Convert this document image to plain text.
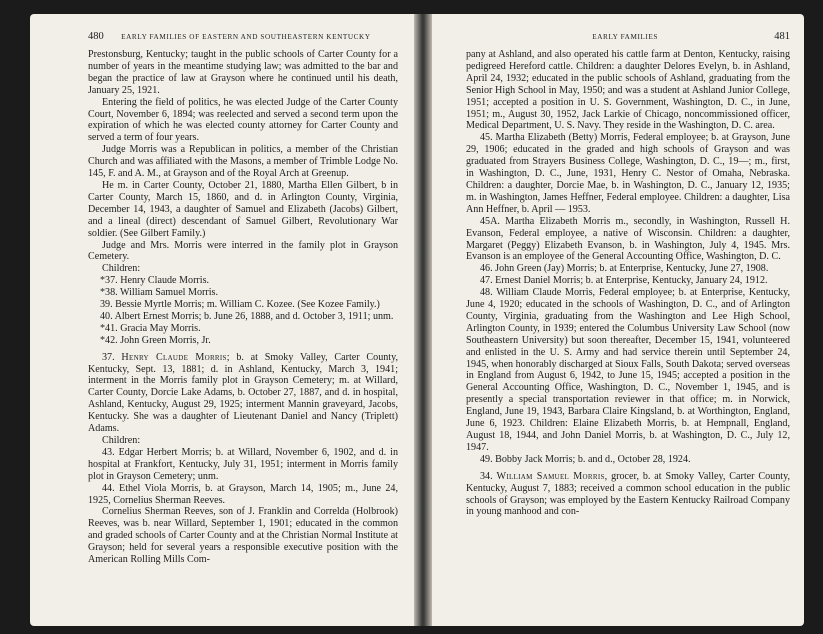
480 EARLY FAMILIES OF EASTERN AND SOUTHEASTERN KENTUCKY

Prestonsburg, Kentucky; taught in the public schools of Carter County for a number of years in the meantime studying law; was admitted to the bar and began the practice of law at Grayson where he continued until his death, January 25, 1921.

Entering the field of politics, he was elected Judge of the Carter County Court, November 6, 1894; was reelected and served a second term upon the expiration of which he was elected county attorney for Carter County and served a term of four years.

Judge Morris was a Republican in politics, a member of the Christian Church and was affiliated with the Masons, a member of Trimble Lodge No. 145, F. and A. M., at Grayson and of the Royal Arch at Greenup.

He m. in Carter County, October 21, 1880, Martha Ellen Gilbert, b in Carter County, March 15, 1860, and d. in Arlington County, Virginia, December 14, 1943, a daughter of Samuel and Elizabeth (Jacobs) Gilbert, and a lineal (direct) descendant of Samuel Gilbert, Revolutionary War soldier. (See Gilbert Family.)

Judge and Mrs. Morris were interred in the family plot in Grayson Cemetery.

Children:

*37. Henry Claude Morris.

*38. William Samuel Morris.

39. Bessie Myrtle Morris; m. William C. Kozee. (See Kozee Family.)

40. Albert Ernest Morris; b. June 26, 1888, and d. October 3, 1911; unm.

*41. Gracia May Morris.

*42. John Green Morris, Jr.

37. Henry Claude Morris; b. at Smoky Valley, Carter County, Kentucky, Sept. 13, 1881; d. in Ashland, Kentucky, March 3, 1941; interment in the Morris family plot in Grayson Cemetery; m. at Willard, Carter County, Dorcie Lake Adams, b. October 27, 1887, and d. in hospital, Ashland, Kentucky, August 29, 1925; interment Mannin graveyard, Jacobs, Kentucky. She was a daughter of Lieutenant Daniel and Nancy (Triplett) Adams.

Children:

43. Edgar Herbert Morris; b. at Willard, November 6, 1902, and d. in hospital at Frankfort, Kentucky, July 31, 1951; interment in Morris family plot in Grayson Cemetery; unm.

44. Ethel Viola Morris, b. at Grayson, March 14, 1905; m., June 24, 1925, Cornelius Sherman Reeves.

Cornelius Sherman Reeves, son of J. Franklin and Correlda (Holbrook) Reeves, was b. near Willard, September 1, 1901; educated in the common and graded schools of Carter County and at the Christian Normal Institute at Grayson; held for several years a responsible executive position with the American Rolling Mills Com-

EARLY FAMILIES	481

pany at Ashland, and also operated his cattle farm at Denton, Kentucky, raising pedigreed Hereford cattle. Children: a daughter Delores Evelyn, b. in Ashland, April 24, 1932; educated in the public schools of Ashland, graduating from the Senior High School in May, 1950; and was a student at Ashland Junior College, 1951; accepted a position in U. S. Government, Washington, D. C., in June, 1951; m., August 30, 1952, Jack Larkie of Chicago, noncommissioned officer, Medical Department, U. S. Navy. They reside in the Washington, D. C. area.

45. Martha Elizabeth (Betty) Morris, Federal employee; b. at Grayson, June 29, 1906; educated in the graded and high schools of Grayson and was graduated from Strayers Business College, Washington, D. C., 19—; m., first, in Washington, D. C., June, 1931, Henry C. Nestor of Omaha, Nebraska. Children: a daughter, Dorcie Mae, b. in Washington, D. C., January 12, 1935; m. in Washington, James Heffner, Federal employee. Children: a daughter, Lisa Ann Heffner, b. April — 1953.

45A. Martha Elizabeth Morris m., secondly, in Washington, Russell H. Evanson, Federal employee, a native of Wisconsin. Children: a daughter, Margaret (Peggy) Elizabeth Evanson, b. in Washington, July 4, 1945. Mrs. Evanson is an employee of the General Accounting Office, Washington, D. C.

46. John Green (Jay) Morris; b. at Enterprise, Kentucky, June 27, 1908.

47. Ernest Daniel Morris; b. at Enterprise, Kentucky, January 24, 1912.

48. William Claude Morris, Federal employee; b. at Enterprise, Kentucky, June 4, 1920; educated in the schools of Washington, D. C., and of Arlington County, Virginia, graduating from the Washington and Lee High School, Arlington County, in 1939; entered the Columbus University Law School (now Southeastern University) but soon thereafter, December 15, 1941, volunteered and enlisted in the U. S. Army and had service therein until September 24, 1945, when honorably discharged at Sioux Falls, South Dakota; served overseas in England from August 6, 1942, to June 15, 1945; accepted a position in the General Accounting Office, Washington, D. C., November 1, 1945, and is presently a special transportation reviewer in that office; m. in Norwick, England, June 19, 1943, Barbara Claire Kingsland, b. at Worthington, England, June 6, 1923. Children: Elaine Elizabeth Morris, b. at Hempnall, England, August 18, 1944, and John Daniel Morris, b. at Washington, D. C., July 12, 1947.

49. Bobby Jack Morris; b. and d., October 28, 1924.

34. William Samuel Morris, grocer, b. at Smoky Valley, Carter County, Kentucky, August 7, 1883; received a common school education in the public schools of Grayson; was employed by the Eastern Kentucky Railroad Company in young manhood and con-
